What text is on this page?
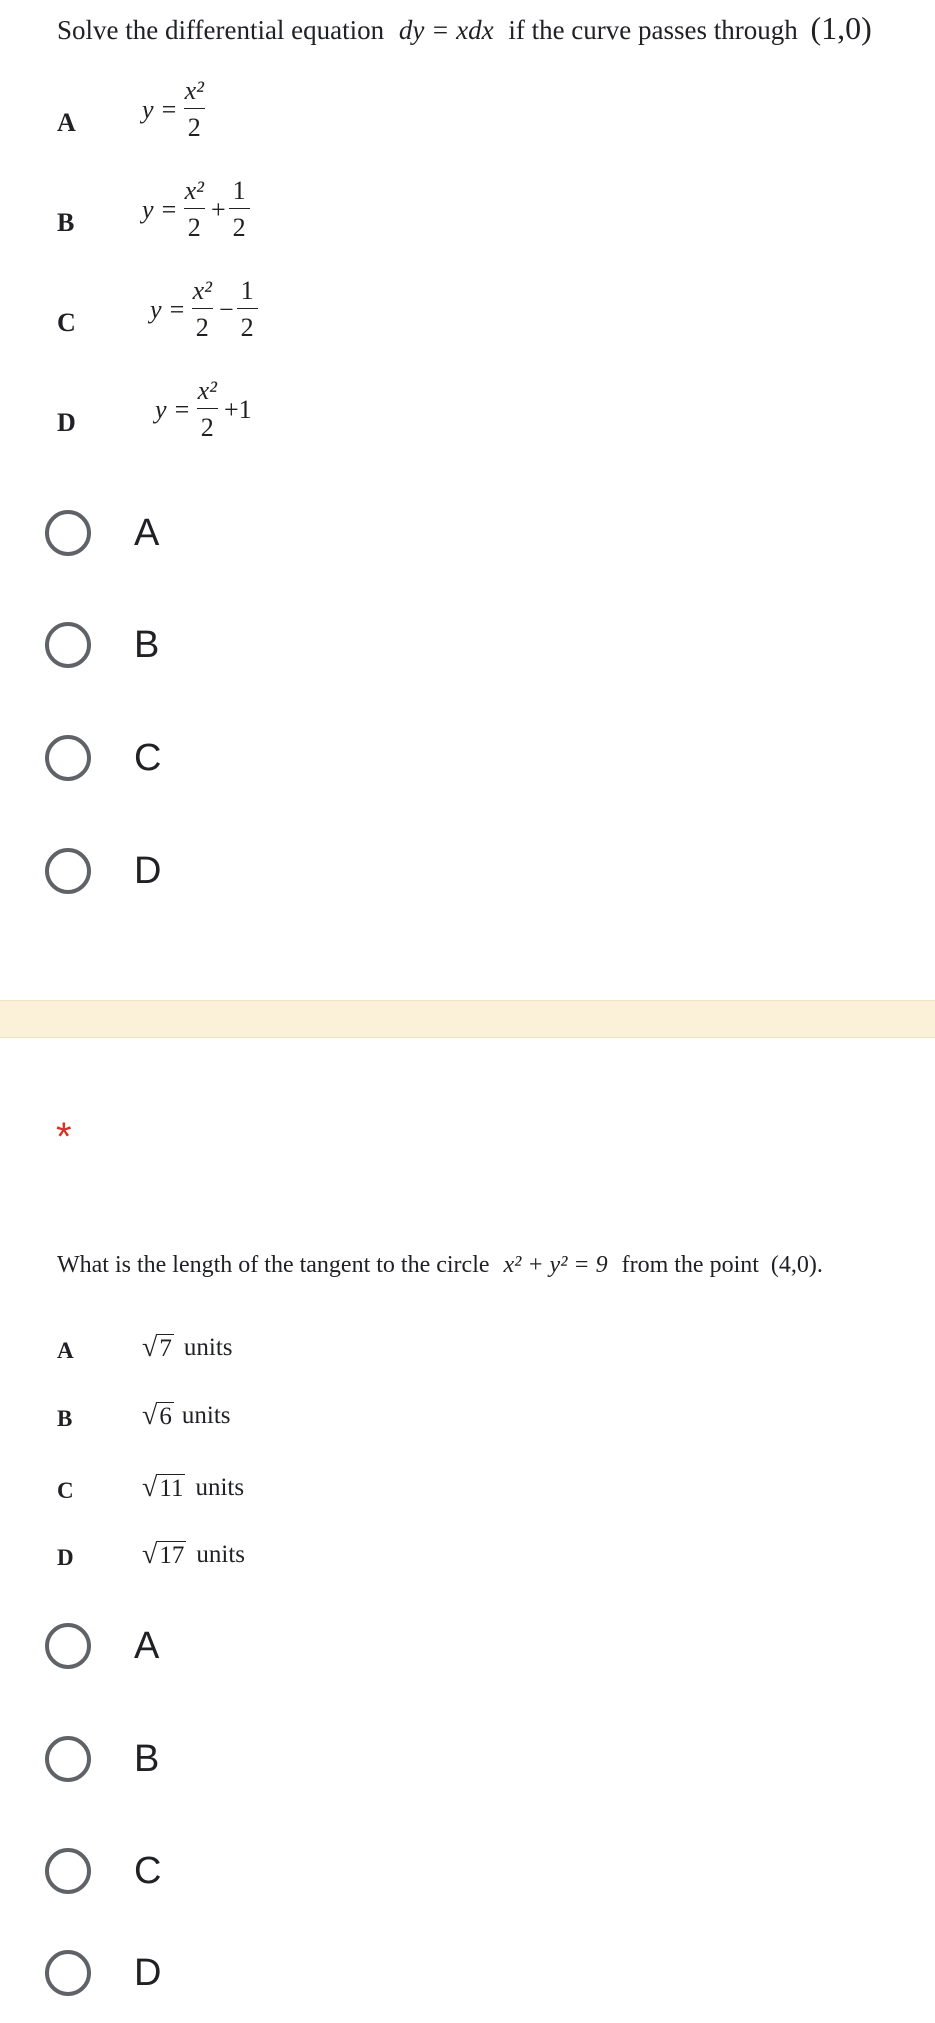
Solve the differential equation dy = xdx if the curve passes through (1,0)
A	$y = \frac{\text{x²}}{2}$
B	$y = \frac{\text{x²}}{2} + \frac{1}{2}$
C	$y = \frac{\text{x²}}{2} - \frac{1}{2}$
D	$y = \frac{\text{x²}}{2} +1$
A
B
C
D
*
What is the length of the tangent to the circle x² + y² = 9 from the point (4,0).
A √ 7 units
B √ 6 units
C √ 11 units
D √ 17 units
A
B
C
D
